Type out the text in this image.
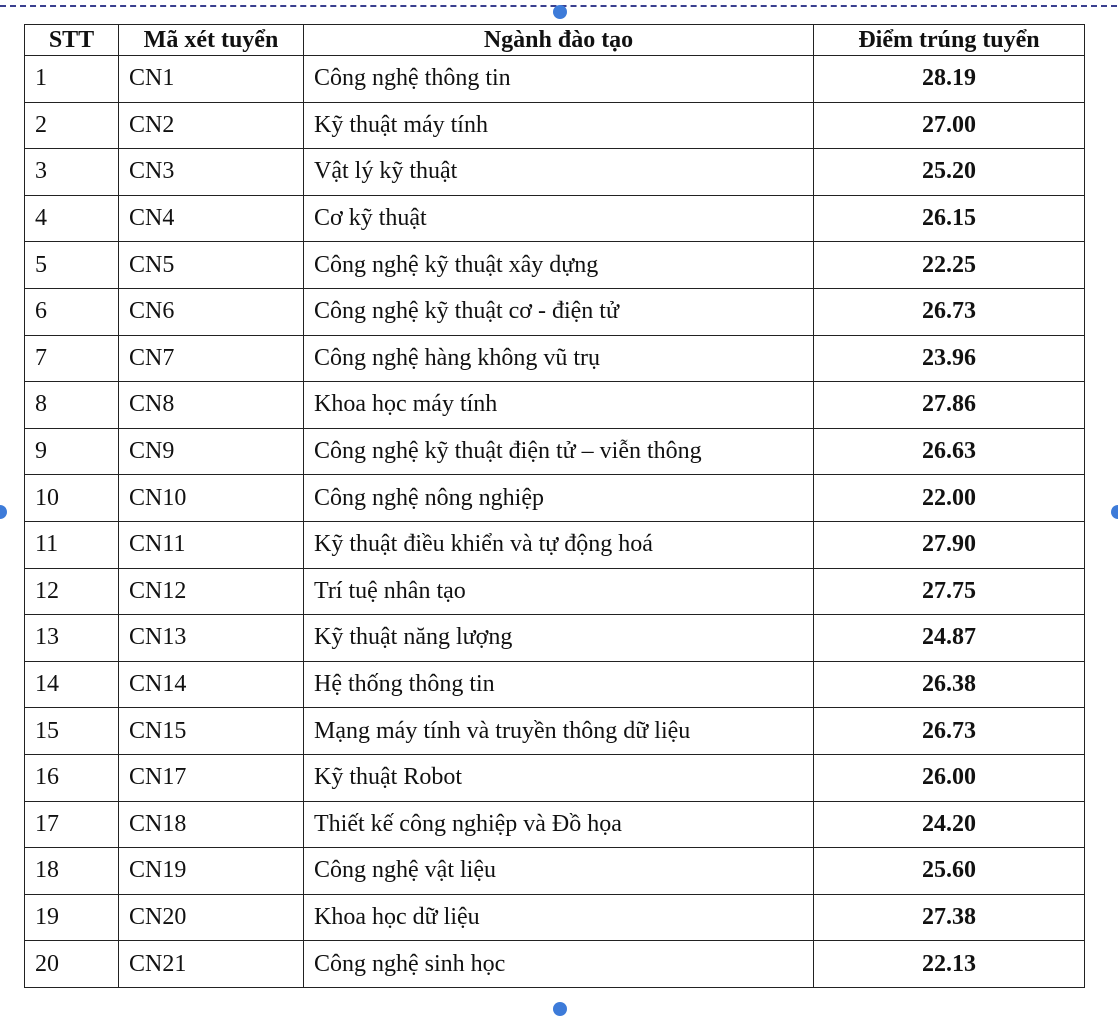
STT	Mã xét tuyển	Ngành đào tạo	Điểm trúng tuyển
1	CN1	Công nghệ thông tin	28.19
2	CN2	Kỹ thuật máy tính	27.00
3	CN3	Vật lý kỹ thuật	25.20
4	CN4	Cơ kỹ thuật	26.15
5	CN5	Công nghệ kỹ thuật xây dựng	22.25
6	CN6	Công nghệ kỹ thuật cơ - điện tử	26.73
7	CN7	Công nghệ hàng không vũ trụ	23.96
8	CN8	Khoa học máy tính	27.86
9	CN9	Công nghệ kỹ thuật điện tử – viễn thông	26.63
10	CN10	Công nghệ nông nghiệp	22.00
11	CN11	Kỹ thuật điều khiển và tự động hoá	27.90
12	CN12	Trí tuệ nhân tạo	27.75
13	CN13	Kỹ thuật năng lượng	24.87
14	CN14	Hệ thống thông tin	26.38
15	CN15	Mạng máy tính và truyền thông dữ liệu	26.73
16	CN17	Kỹ thuật Robot	26.00
17	CN18	Thiết kế công nghiệp và Đồ họa	24.20
18	CN19	Công nghệ vật liệu	25.60
19	CN20	Khoa học dữ liệu	27.38
20	CN21	Công nghệ sinh học	22.13
